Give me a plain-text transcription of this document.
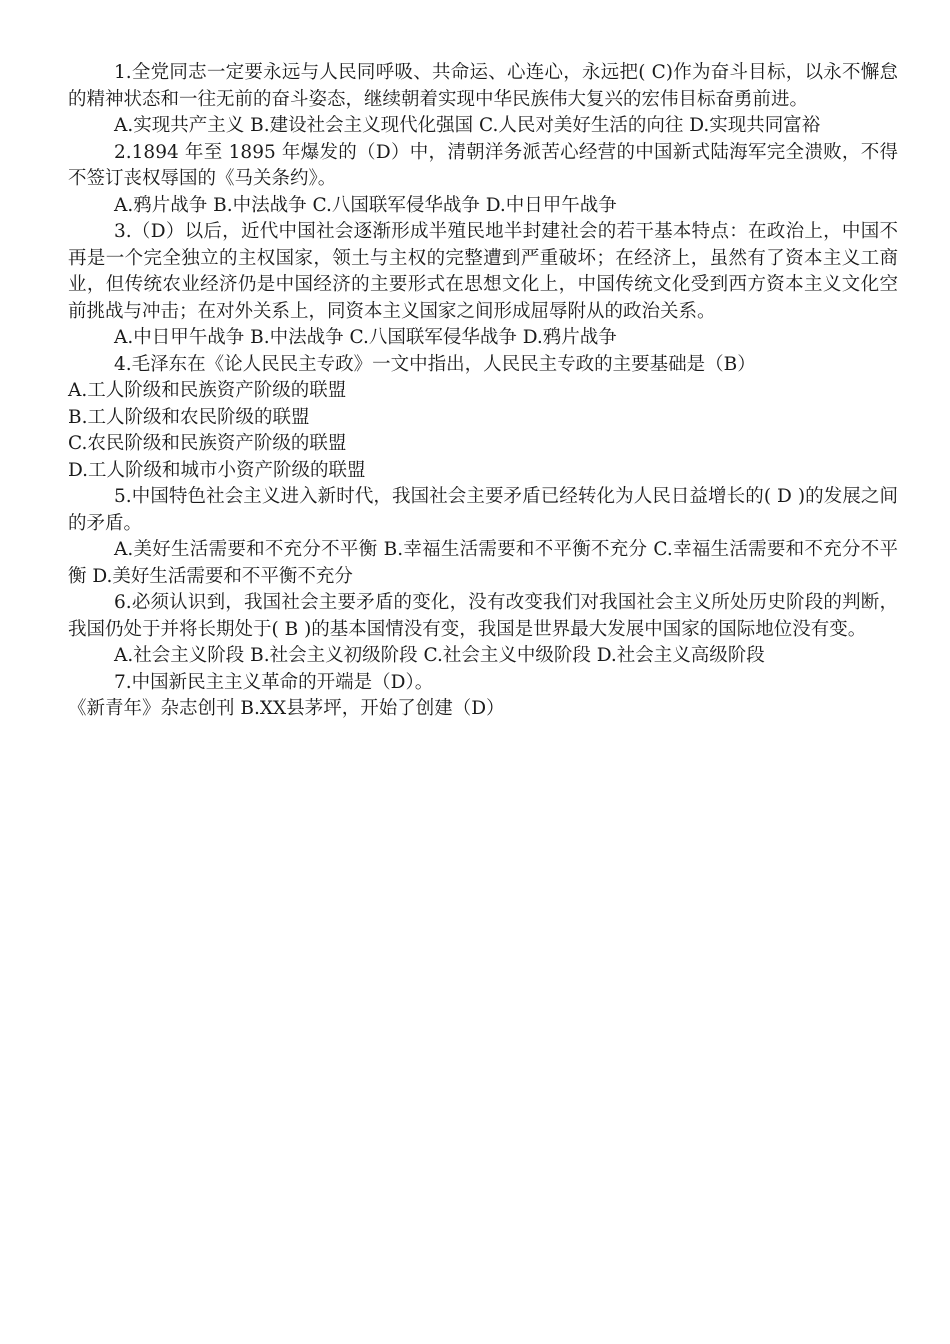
1.全党同志一定要永远与人民同呼吸、共命运、心连心，永远把( C)作为奋斗目标，以永不懈怠的精神状态和一往无前的奋斗姿态，继续朝着实现中华民族伟大复兴的宏伟目标奋勇前进。

A.实现共产主义 B.建设社会主义现代化强国 C.人民对美好生活的向往 D.实现共同富裕

2.1894 年至 1895 年爆发的（D）中，清朝洋务派苦心经营的中国新式陆海军完全溃败，不得不签订丧权辱国的《马关条约》。

A.鸦片战争 B.中法战争 C.八国联军侵华战争 D.中日甲午战争

3.（D）以后，近代中国社会逐渐形成半殖民地半封建社会的若干基本特点：在政治上，中国不再是一个完全独立的主权国家，领土与主权的完整遭到严重破坏；在经济上，虽然有了资本主义工商业，但传统农业经济仍是中国经济的主要形式在思想文化上，中国传统文化受到西方资本主义文化空前挑战与冲击；在对外关系上，同资本主义国家之间形成屈辱附从的政治关系。

A.中日甲午战争 B.中法战争 C.八国联军侵华战争 D.鸦片战争

4.毛泽东在《论人民民主专政》一文中指出，人民民主专政的主要基础是（B）

A.工人阶级和民族资产阶级的联盟

B.工人阶级和农民阶级的联盟

C.农民阶级和民族资产阶级的联盟

D.工人阶级和城市小资产阶级的联盟

5.中国特色社会主义进入新时代，我国社会主要矛盾已经转化为人民日益增长的( D )的发展之间的矛盾。

A.美好生活需要和不充分不平衡 B.幸福生活需要和不平衡不充分 C.幸福生活需要和不充分不平衡 D.美好生活需要和不平衡不充分

6.必须认识到，我国社会主要矛盾的变化，没有改变我们对我国社会主义所处历史阶段的判断，我国仍处于并将长期处于( B )的基本国情没有变，我国是世界最大发展中国家的国际地位没有变。

A.社会主义阶段 B.社会主义初级阶段 C.社会主义中级阶段 D.社会主义高级阶段

7.中国新民主主义革命的开端是（D）。

《新青年》杂志创刊 B.XX县茅坪，开始了创建（D）
